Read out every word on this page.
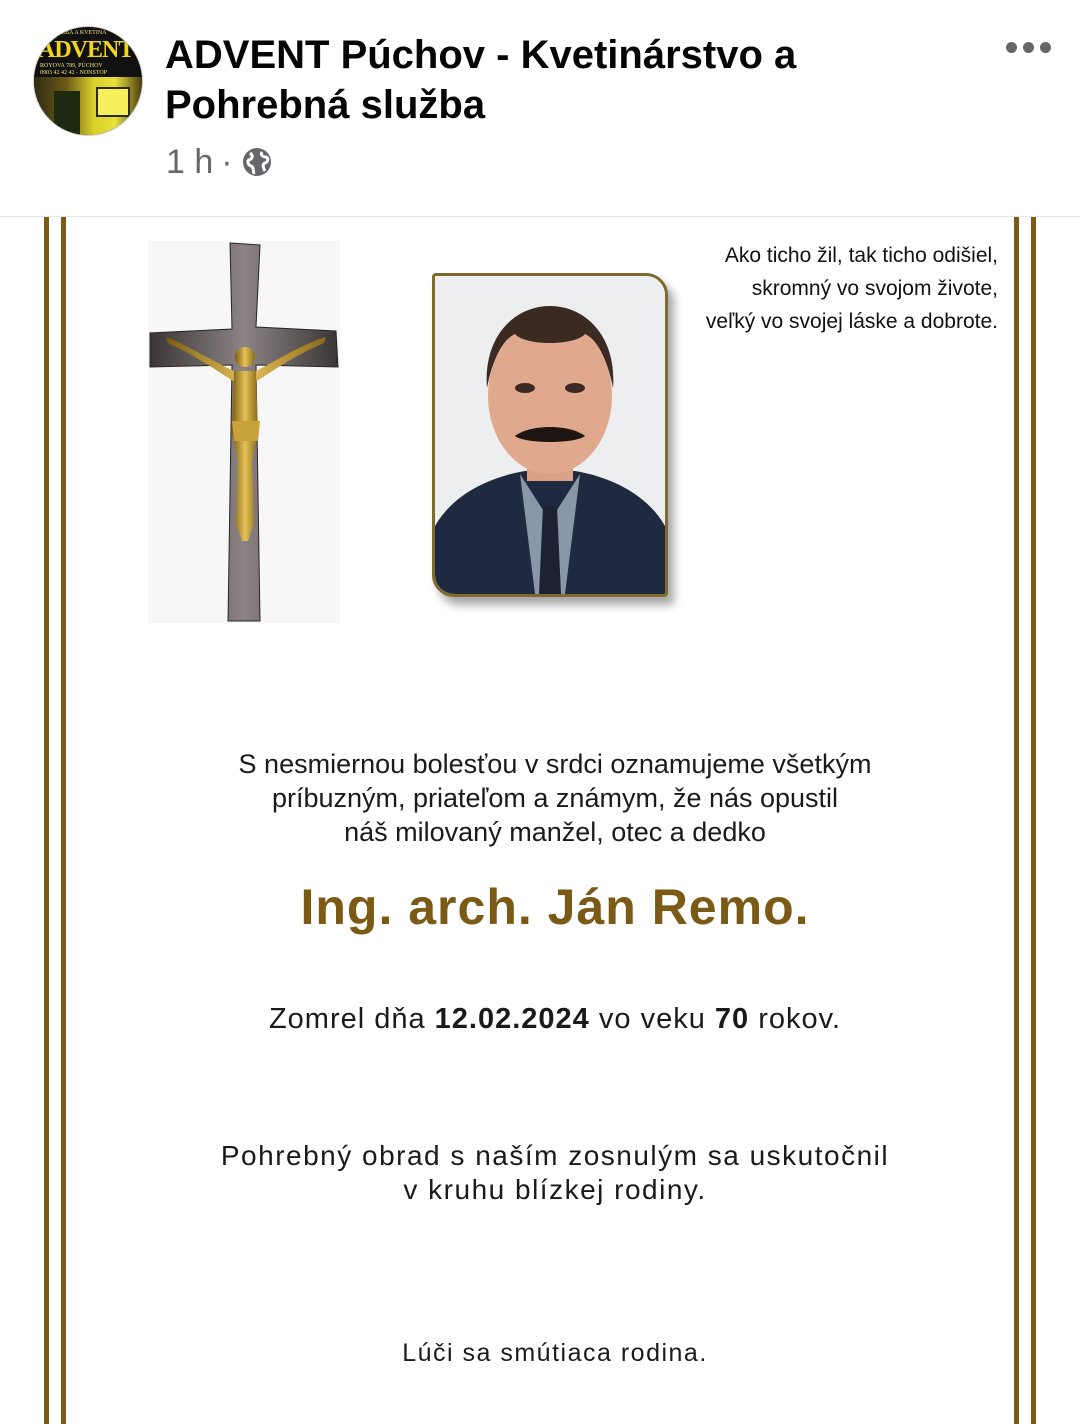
NÁ SLUŽBA A KVETINÁ
ADVENT
ROYOVA 789, PÚCHOV
0903 42 42 42 - NONSTOP ADVENT Púchov - Kvetinárstvo a Pohrebná služba
1 h ·

Ako ticho žil, tak ticho odišiel,
skromný vo svojom živote,
veľký vo svojej láske a dobrote.

S nesmiernou bolesťou v srdci oznamujeme všetkým
príbuzným, priateľom a známym, že nás opustil
náš milovaný manžel, otec a dedko

Ing. arch. Ján Remo.
Zomrel dňa 12.02.2024 vo veku 70 rokov.

Pohrebný obrad s naším zosnulým sa uskutočnil
v kruhu blízkej rodiny.

Lúči sa smútiaca rodina.
